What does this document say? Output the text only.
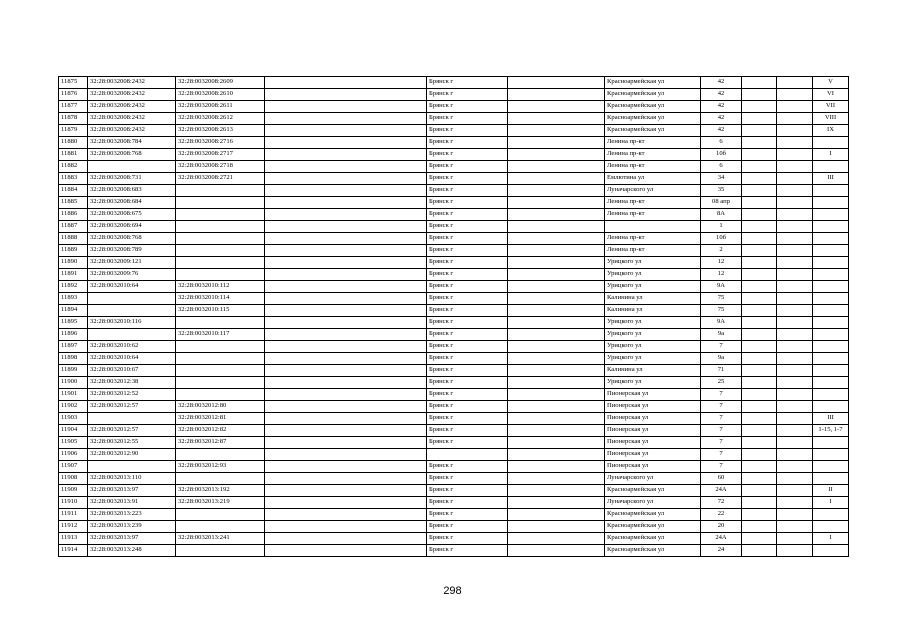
11875	32:28:0032008:2432	32:28:0032008:2609		Брянск г		Красноармейская ул	42			V
11876	32:28:0032008:2432	32:28:0032008:2610		Брянск г		Красноармейская ул	42			VI
11877	32:28:0032008:2432	32:28:0032008:2611		Брянск г		Красноармейская ул	42			VII
11878	32:28:0032008:2432	32:28:0032008:2612		Брянск г		Красноармейская ул	42			VIII
11879	32:28:0032008:2432	32:28:0032008:2613		Брянск г		Красноармейская ул	42			IX
11880	32:28:0032008:784	32:28:0032008:2716		Брянск г		Ленина пр-кт	6			
11881	32:28:0032008:768	32:28:0032008:2717		Брянск г		Ленина пр-кт	10б			I
11882		32:28:0032008:2718		Брянск г		Ленина пр-кт	6			
11883	32:28:0032008:731	32:28:0032008:2721		Брянск г		Емлютина ул	34			III
11884	32:28:0032008:683			Брянск г		Луначарского ул	35			
11885	32:28:0032008:684			Брянск г		Ленина пр-кт	08 апр			
11886	32:28:0032008:675			Брянск г		Ленина пр-кт	8А			
11887	32:28:0032008:694			Брянск г			1			
11888	32:28:0032008:768			Брянск г		Ленина пр-кт	10б			
11889	32:28:0032008:789			Брянск г		Ленина пр-кт	2			
11890	32:28:0032009:121			Брянск г		Урицкого ул	12			
11891	32:28:0032009:76			Брянск г		Урицкого ул	12			
11892	32:28:0032010:64	32:28:0032010:112		Брянск г		Урицкого ул	9А			
11893		32:28:0032010:114		Брянск г		Калинина ул	75			
11894		32:28:0032010:115		Брянск г		Калинина ул	75			
11895	32:28:0032010:116			Брянск г		Урицкого ул	9А			
11896		32:28:0032010:117		Брянск г		Урицкого ул	9а			
11897	32:28:0032010:62			Брянск г		Урицкого ул	7			
11898	32:28:0032010:64			Брянск г		Урицкого ул	9а			
11899	32:28:0032010:67			Брянск г		Калинина ул	71			
11900	32:28:0032012:38			Брянск г		Урицкого ул	25			
11901	32:28:0032012:52			Брянск г		Пионерская ул	7			
11902	32:28:0032012:57	32:28:0032012:80		Брянск г		Пионерская ул	7			
11903		32:28:0032012:81		Брянск г		Пионерская ул	7			III
11904	32:28:0032012:57	32:28:0032012:82		Брянск г		Пионерская ул	7			1-15, 1-7
11905	32:28:0032012:55	32:28:0032012:87		Брянск г		Пионерская ул	7			
11906	32:28:0032012:90					Пионерская ул	7			
11907		32:28:0032012:93		Брянск г		Пионерская ул	7			
11908	32:28:0032013:110			Брянск г		Луначарского ул	60			
11909	32:28:0032013:97	32:28:0032013:192		Брянск г		Красноармейская ул	24А			II
11910	32:28:0032013:91	32:28:0032013:219		Брянск г		Луначарского ул	72			I
11911	32:28:0032013:223			Брянск г		Красноармейская ул	22			
11912	32:28:0032013:239			Брянск г		Красноармейская ул	20			
11913	32:28:0032013:97	32:28:0032013:241		Брянск г		Красноармейская ул	24А			I
11914	32:28:0032013:248			Брянск г		Красноармейская ул	24			
298
